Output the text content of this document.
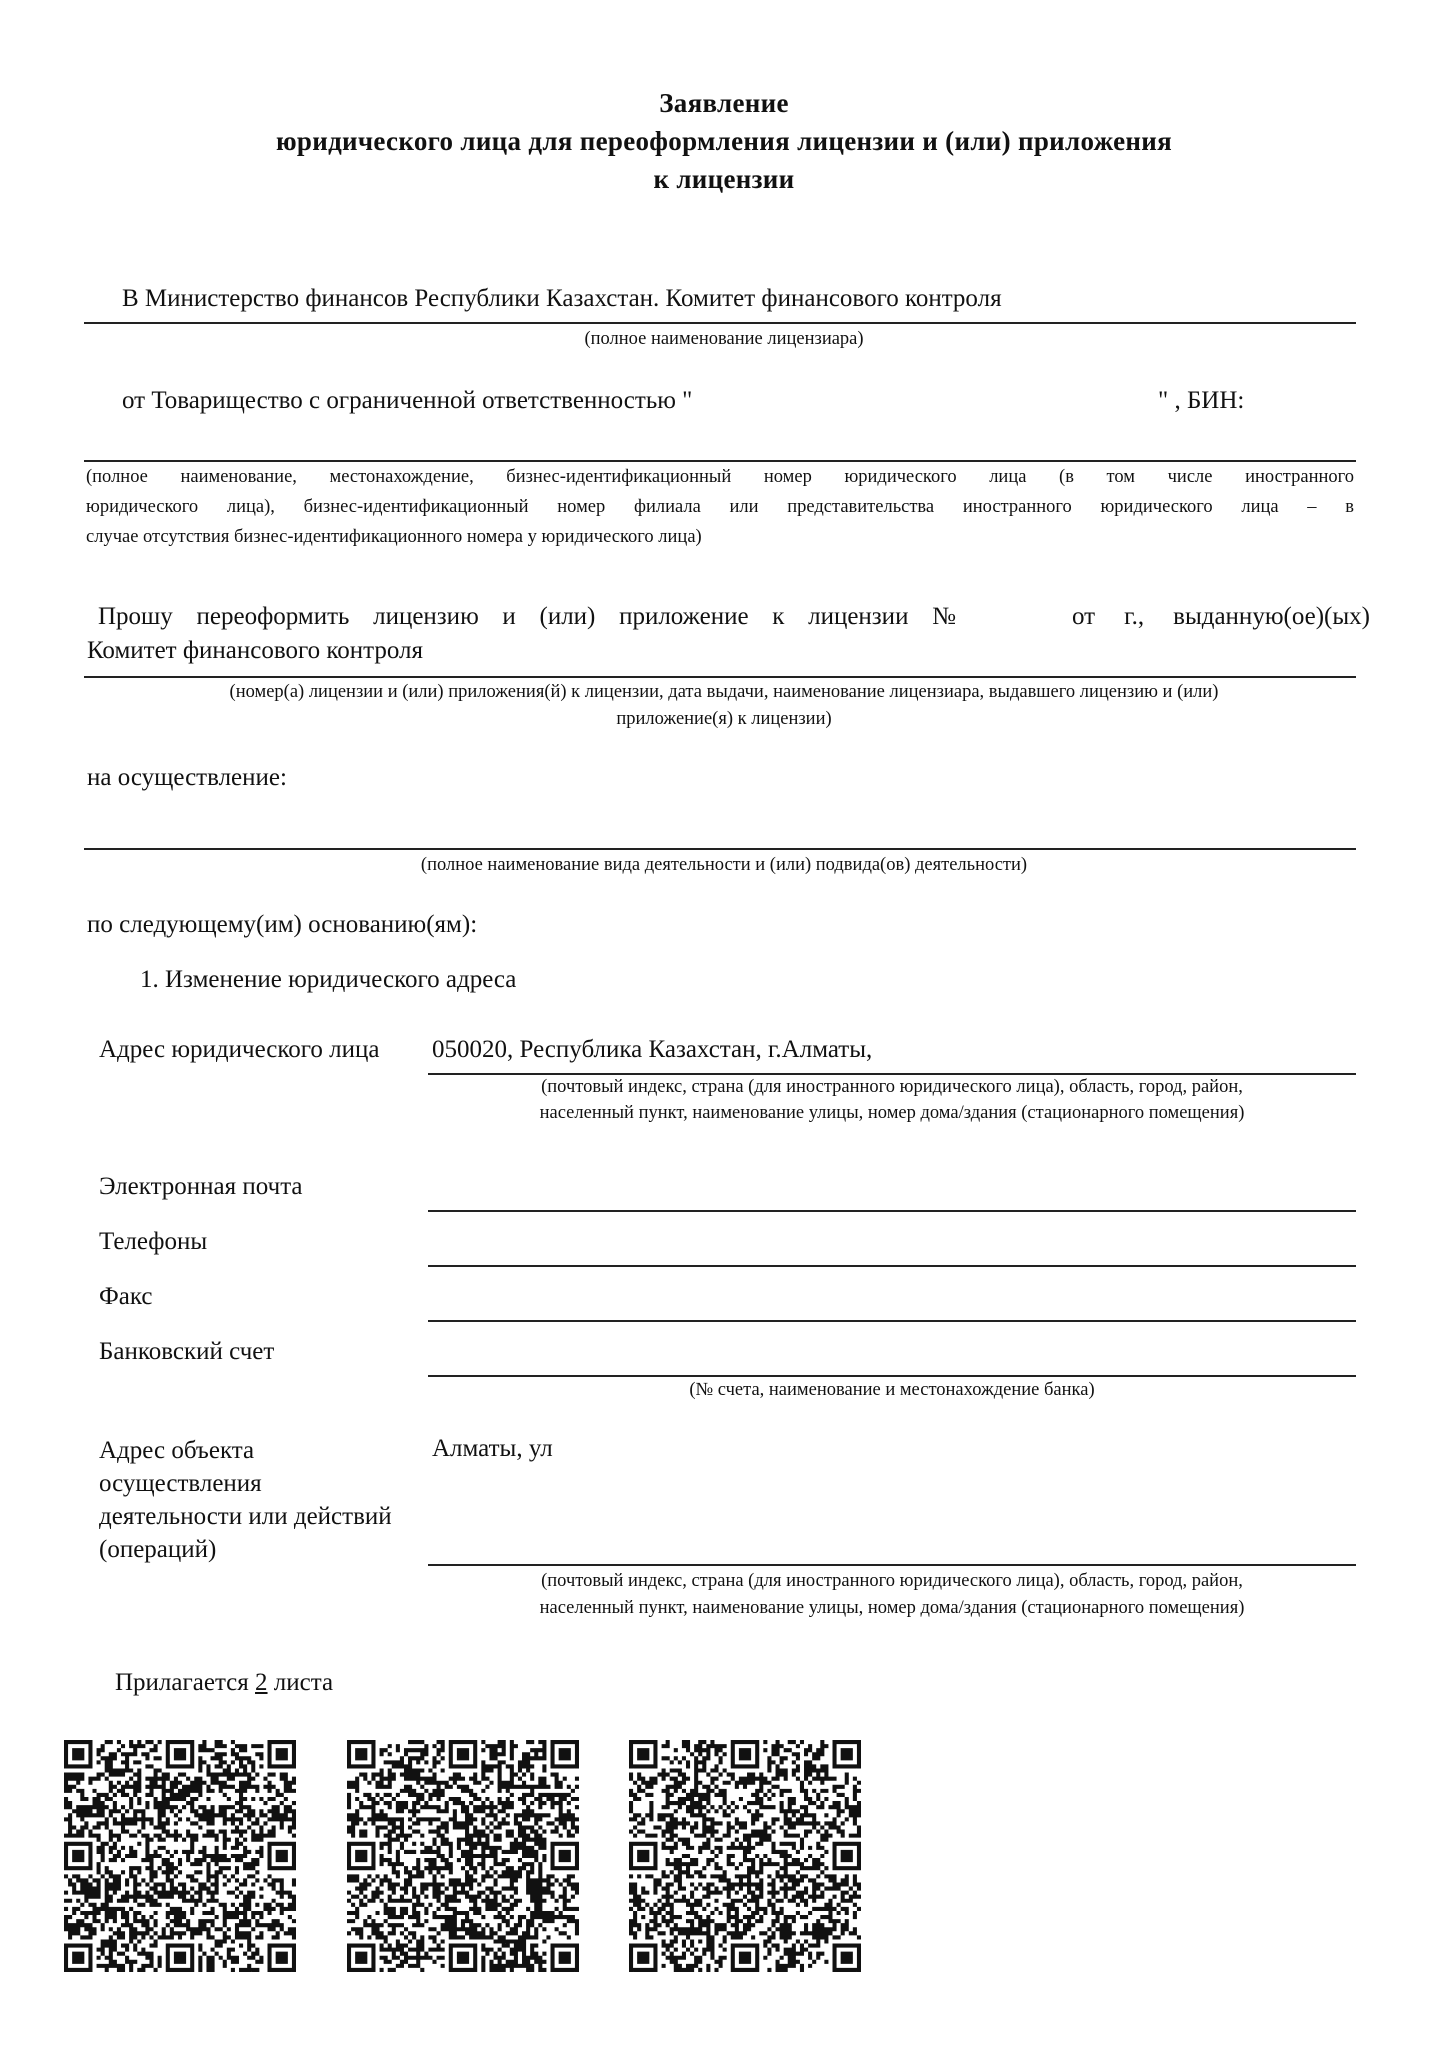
Заявление
юридического лица для переоформления лицензии и (или) приложения
к лицензии
В Министерство финансов Республики Казахстан. Комитет финансового контроля
(полное наименование лицензиара)
от Товарищество с ограниченной ответственностью "	" , БИН:
(полное наименование, местонахождение, бизнес-идентификационный номер юридического лица (в том числе иностранного
юридического лица), бизнес-идентификационный номер филиала или представительства иностранного юридического лица – в
случае отсутствия бизнес-идентификационного номера у юридического лица)
Прошу переоформить лицензию и (или) приложение к лицензии №	от г., выданную(ое)(ых)
Комитет финансового контроля
(номер(а) лицензии и (или) приложения(й) к лицензии, дата выдачи, наименование лицензиара, выдавшего лицензию и (или)
приложение(я) к лицензии)
на осуществление:
(полное наименование вида деятельности и (или) подвида(ов) деятельности)
по следующему(им) основанию(ям):
1. Изменение юридического адреса
Адрес юридического лица 050020, Республика Казахстан, г.Алматы,
(почтовый индекс, страна (для иностранного юридического лица), область, город, район,
населенный пункт, наименование улицы, номер дома/здания (стационарного помещения)
Электронная почта
Телефоны
Факс
Банковский счет
(№ счета, наименование и местонахождение банка)
Адрес объекта
осуществления
деятельности или действий
(операций)
Алматы, ул
(почтовый индекс, страна (для иностранного юридического лица), область, город, район,
населенный пункт, наименование улицы, номер дома/здания (стационарного помещения)
Прилагается 2 листа
